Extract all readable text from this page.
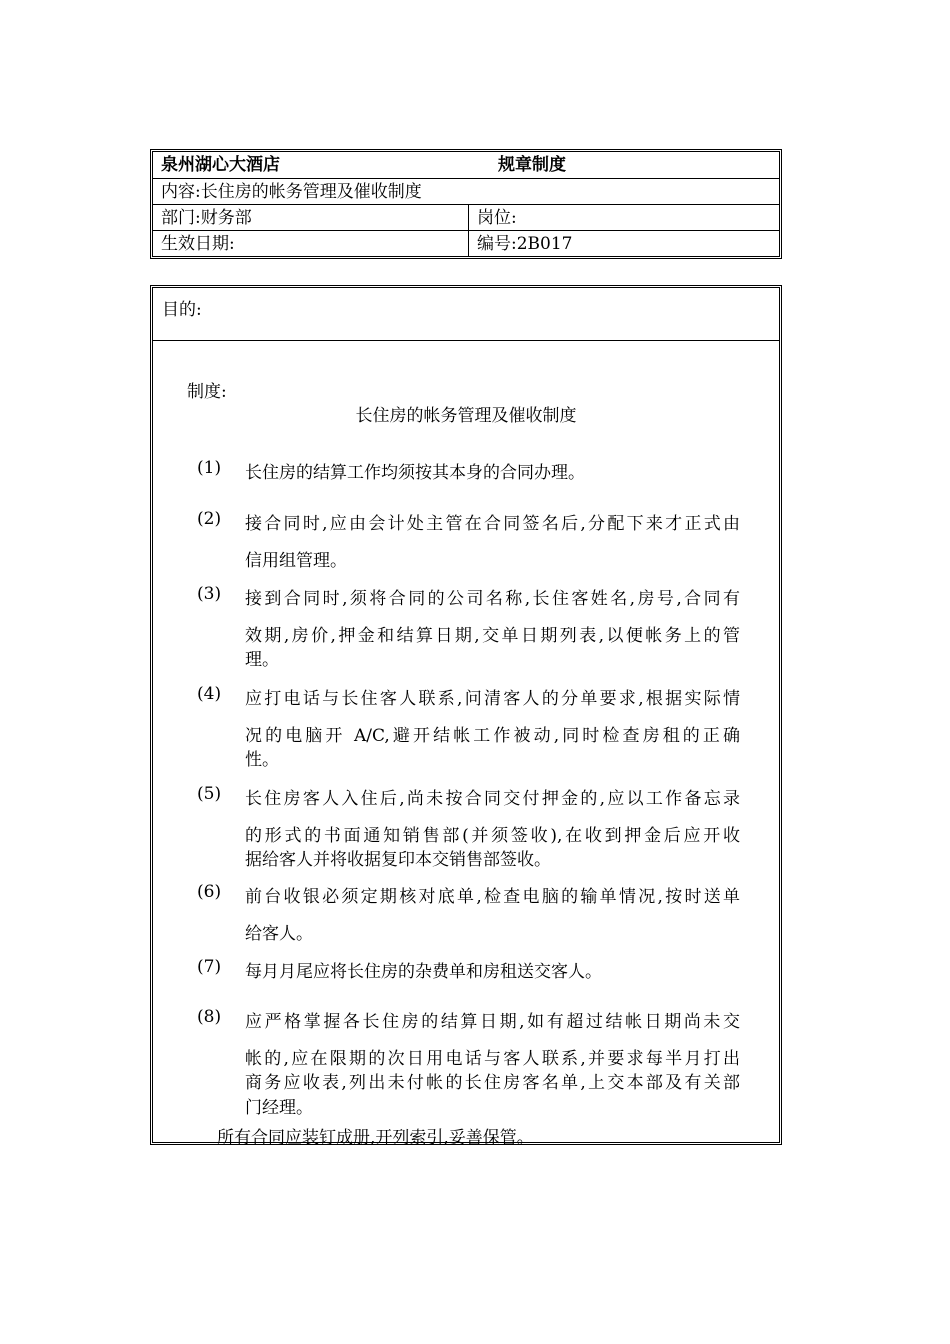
泉州湖心大酒店	规章制度
内容:长住房的帐务管理及催收制度
部门:财务部	岗位:
生效日期:	编号:2B017
目的:
制度:
长住房的帐务管理及催收制度
(1) 长住房的结算工作均须按其本身的合同办理。
(2) 接合同时,应由会计处主管在合同签名后,分配下来才正式由
信用组管理。
(3) 接到合同时,须将合同的公司名称,长住客姓名,房号,合同有
效期,房价,押金和结算日期,交单日期列表,以便帐务上的管
理。
(4) 应打电话与长住客人联系,问清客人的分单要求,根据实际情
况的电脑开 A/C,避开结帐工作被动,同时检查房租的正确
性。
(5) 长住房客人入住后,尚未按合同交付押金的,应以工作备忘录
的形式的书面通知销售部(并须签收),在收到押金后应开收
据给客人并将收据复印本交销售部签收。
(6) 前台收银必须定期核对底单,检查电脑的输单情况,按时送单
给客人。
(7) 每月月尾应将长住房的杂费单和房租送交客人。
(8) 应严格掌握各长住房的结算日期,如有超过结帐日期尚未交
帐的,应在限期的次日用电话与客人联系,并要求每半月打出
商务应收表,列出未付帐的长住房客名单,上交本部及有关部
门经理。
所有合同应装钉成册,开列索引,妥善保管。
